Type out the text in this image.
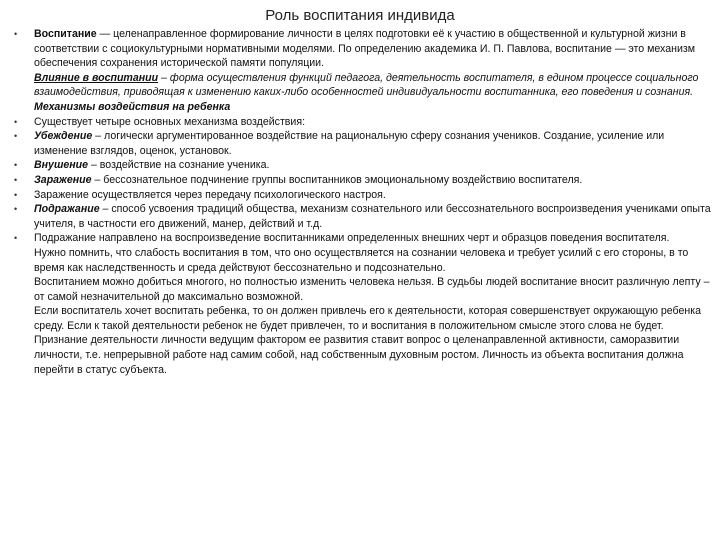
Роль воспитания индивида
•	Воспитание — целенаправленное формирование личности в целях подготовки её к участию в общественной и культурной жизни в соответствии с социокультурными нормативными моделями. По определению академика И. П. Павлова, воспитание — это механизм обеспечения сохранения исторической памяти популяции.
Влияние в воспитании – форма осуществления функций педагога, деятельность воспитателя, в едином процессе социального взаимодействия, приводящая к изменению каких-либо особенностей индивидуальности воспитанника, его поведения и сознания.
Механизмы воздействия на ребенка
•	Существует четыре основных механизма воздействия:
•	Убеждение – логически аргументированное воздействие на рациональную сферу сознания учеников. Создание, усиление или изменение взглядов, оценок, установок.
•	Внушение – воздействие на сознание ученика.
•	Заражение – бессознательное подчинение группы воспитанников эмоциональному воздействию воспитателя.
•	Заражение осуществляется через передачу психологического настроя.
•	Подражание – способ усвоения традиций общества, механизм сознательного или бессознательного воспроизведения учениками опыта учителя, в частности его движений, манер, действий и т.д.
•	Подражание направлено на воспроизведение воспитанниками определенных внешних черт и образцов поведения воспитателя.
Нужно помнить, что слабость воспитания в том, что оно осуществляется на сознании человека и требует усилий с его стороны, в то время как наследственность и среда действуют бессознательно и подсознательно.
Воспитанием можно добиться многого, но полностью изменить человека нельзя. В судьбы людей воспитание вносит различную лепту – от самой незначительной до максимально возможной.
Если воспитатель хочет воспитать ребенка, то он должен привлечь его к деятельности, которая совершенствует окружающую ребенка среду. Если к такой деятельности ребенок не будет привлечен, то и воспитания в положительном смысле этого слова не будет.
Признание деятельности личности ведущим фактором ее развития ставит вопрос о целенаправленной активности, саморазвитии личности, т.е. непрерывной работе над самим собой, над собственным духовным ростом. Личность из объекта воспитания должна перейти в статус субъекта.
